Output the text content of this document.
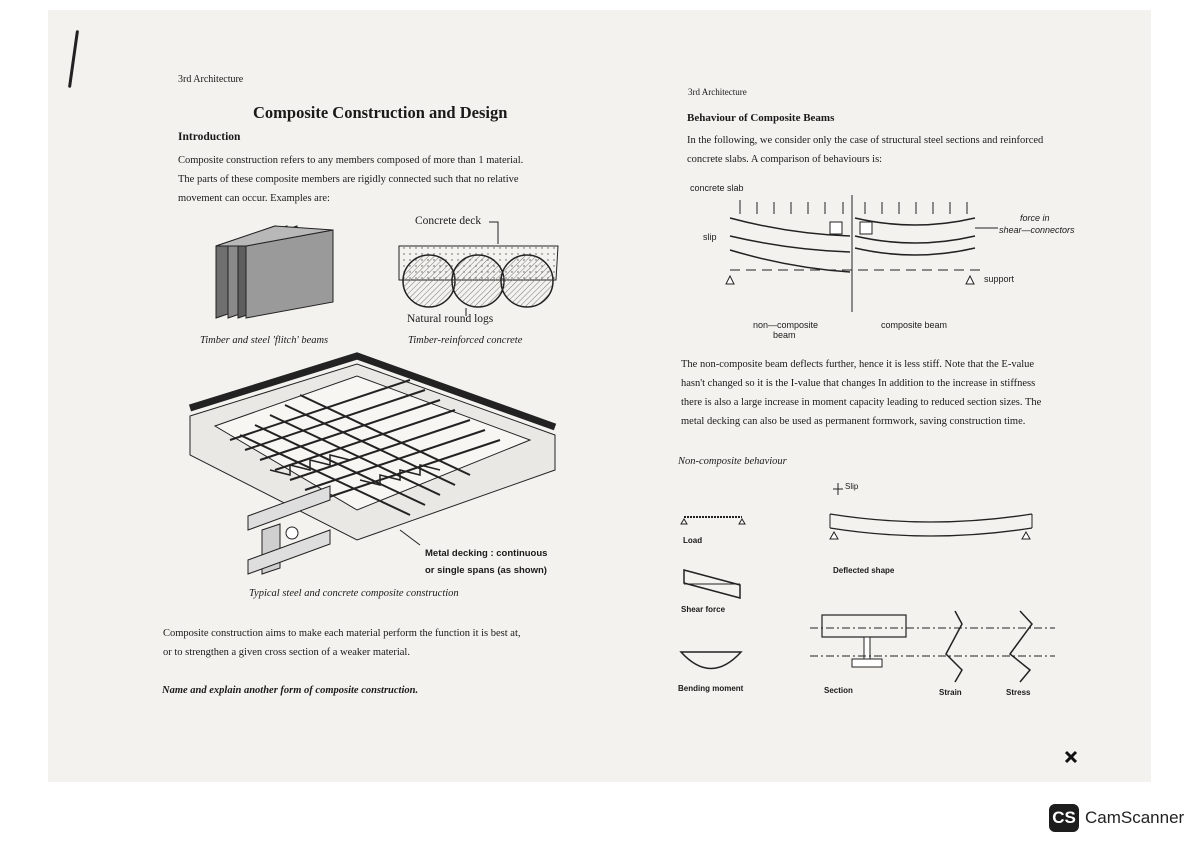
3rd Architecture
Composite Construction and Design
Introduction
Composite construction refers to any members composed of more than 1 material.
The parts of these composite members are rigidly connected such that no relative
movement can occur. Examples are:
Concrete deck
Natural round logs
Timber and steel 'flitch' beams	Timber-reinforced concrete
Metal decking : continuous
or single spans (as shown)
Typical steel and concrete composite construction
Composite construction aims to make each material perform the function it is best at,
or to strengthen a given cross section of a weaker material.
Name and explain another form of composite construction.
3rd Architecture
Behaviour of Composite Beams
In the following, we consider only the case of structural steel sections and reinforced
concrete slabs. A comparison of behaviours is:
concrete slab
slip
force in
shear—connectors
support
non—composite
beam
composite beam
The non-composite beam deflects further, hence it is less stiff. Note that the E-value
hasn't changed so it is the I-value that changes In addition to the increase in stiffness
there is also a large increase in moment capacity leading to reduced section sizes. The
metal decking can also be used as permanent formwork, saving construction time.
Non-composite behaviour
Slip
Load
Deflected shape
Shear force
Bending moment	Section	Strain	Stress
CS CamScanner
